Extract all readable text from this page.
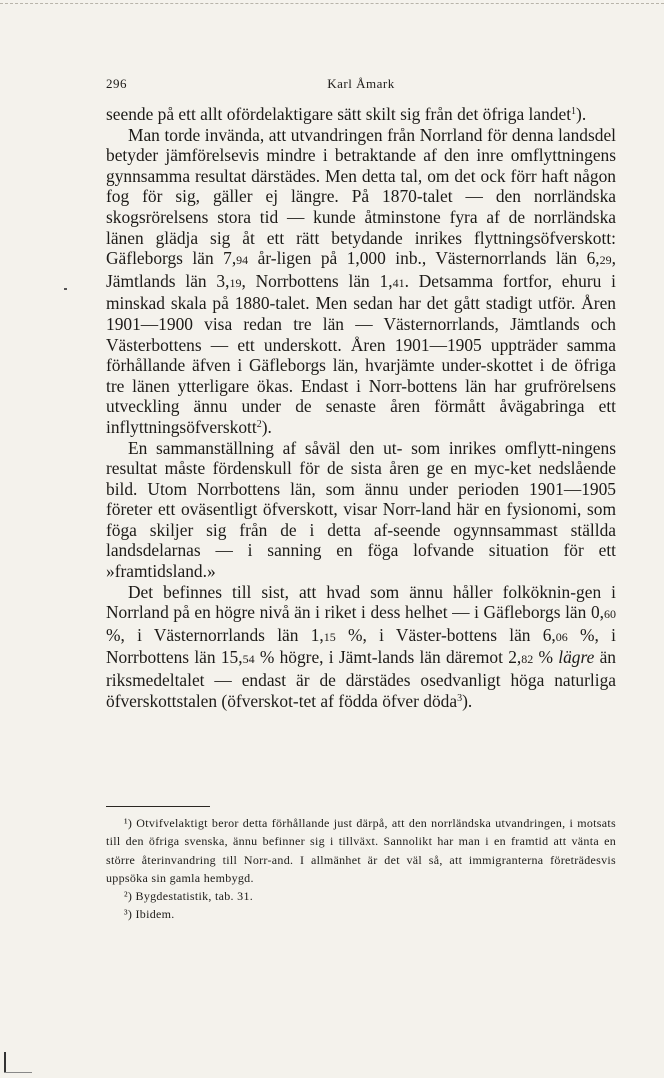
296	Karl Åmark

seende på ett allt ofördelaktigare sätt skilt sig från det öfriga landet$^1$).

Man torde invända, att utvandringen från Norrland för denna landsdel betyder jämförelsevis mindre i betraktande af den inre omflyttningens gynnsamma resultat därstädes. Men detta tal, om det ock förr haft någon fog för sig, gäller ej längre. På 1870-talet — den norrländska skogsrörelsens stora tid — kunde åtminstone fyra af de norrländska länen glädja sig åt ett rätt betydande inrikes flyttningsöfverskott: Gäfleborgs län 7,94 år-ligen på 1,000 inb., Västernorrlands län 6,29, Jämtlands län 3,19, Norrbottens län 1,41. Detsamma fortfor, ehuru i minskad skala på 1880-talet. Men sedan har det gått stadigt utför. Åren 1901—1900 visa redan tre län — Västernorrlands, Jämtlands och Västerbottens — ett underskott. Åren 1901—1905 uppträder samma förhållande äfven i Gäfleborgs län, hvarjämte under-skottet i de öfriga tre länen ytterligare ökas. Endast i Norr-bottens län har grufrörelsens utveckling ännu under de senaste åren förmått åvägabringa ett inflyttningsöfverskott$^2$).

En sammanställning af såväl den ut- som inrikes omflytt-ningens resultat måste fördenskull för de sista åren ge en myc-ket nedslående bild. Utom Norrbottens län, som ännu under perioden 1901—1905 företer ett oväsentligt öfverskott, visar Norr-land här en fysionomi, som föga skiljer sig från de i detta af-seende ogynnsammast ställda landsdelarnas — i sanning en föga lofvande situation för ett »framtidsland.»

Det befinnes till sist, att hvad som ännu håller folköknin-gen i Norrland på en högre nivå än i riket i dess helhet — i Gäfleborgs län 0,60 %, i Västernorrlands län 1,15 %, i Väster-bottens län 6,06 %, i Norrbottens län 15,54 % högre, i Jämt-lands län däremot 2,82 % lägre än riksmedeltalet — endast är de därstädes osedvanligt höga naturliga öfverskottstalen (öfverskot-tet af födda öfver döda$^3$).

¹) Otvifvelaktigt beror detta förhållande just därpå, att den norrländska utvandringen, i motsats till den öfriga svenska, ännu befinner sig i tillväxt. Sannolikt har man i en framtid att vänta en större återinvandring till Norr-and. I allmänhet är det väl så, att immigranterna företrädesvis uppsöka sin gamla hembygd.

²) Bygdestatistik, tab. 31.

³) Ibidem.
